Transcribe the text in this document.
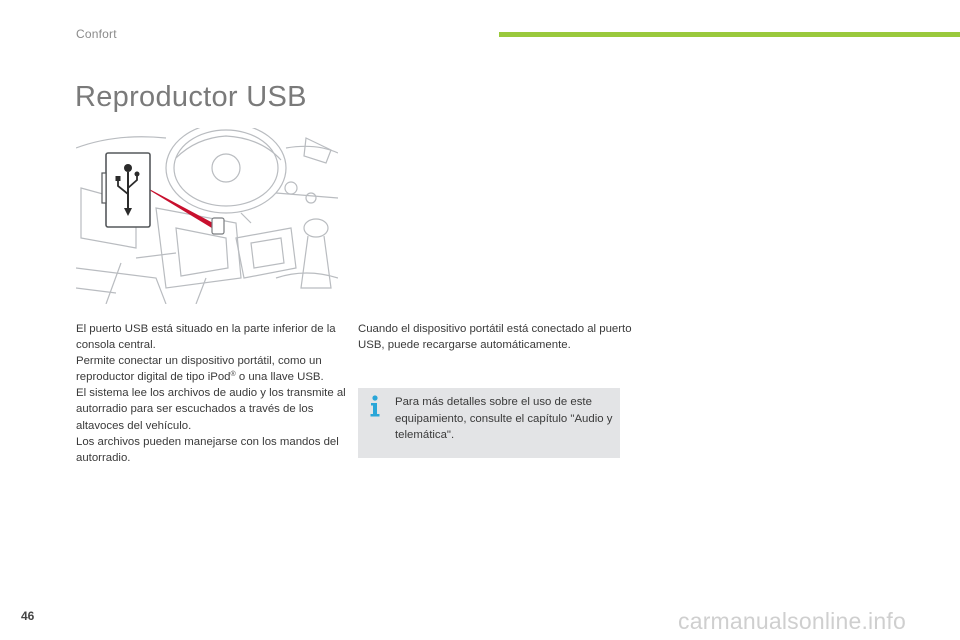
Confort
Reproductor USB

El puerto USB está situado en la parte inferior de la consola central.

Permite conectar un dispositivo portátil, como un reproductor digital de tipo iPod® o una llave USB.

El sistema lee los archivos de audio y los transmite al autorradio para ser escuchados a través de los altavoces del vehículo.

Los archivos pueden manejarse con los mandos del autorradio.

Cuando el dispositivo portátil está conectado al puerto USB, puede recargarse automáticamente.

Para más detalles sobre el uso de este equipamiento, consulte el capítulo "Audio y telemática".
46	carmanualsonline.info
